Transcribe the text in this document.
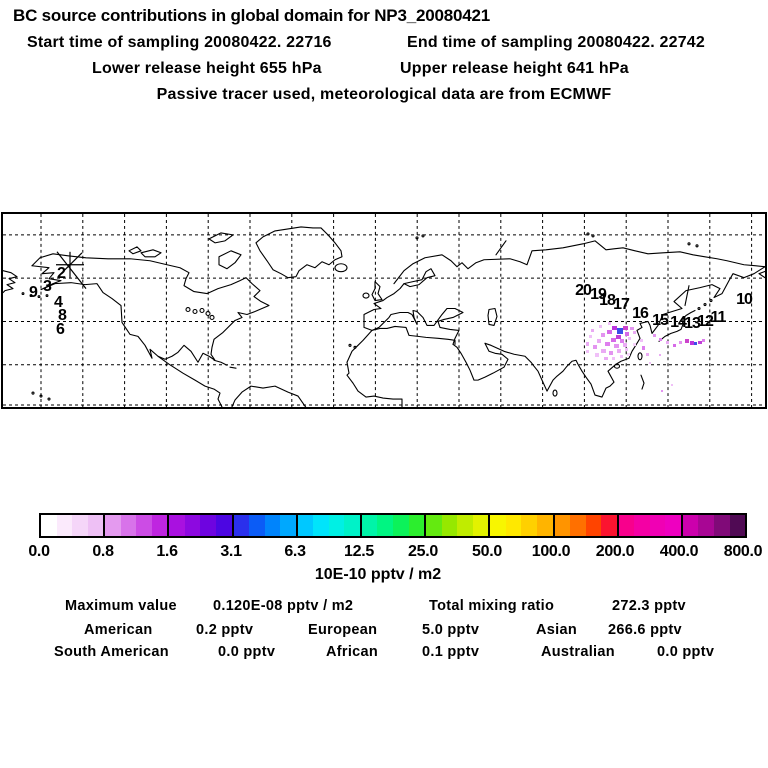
BC source contributions in global domain for NP3_20080421
Start time of sampling 20080422. 22716	End time of sampling 20080422. 22742
Lower release height 655 hPa	Upper release height 641 hPa
Passive tracer used, meteorological data are from ECMWF
2
3
9
4
8
6
20 19
18
17
16 15 14
13
12
11
10
0.0	0.8	1.6	3.1	6.3 12.5 25.0 50.0 100.0 200.0 400.0 800.0
10E-10 pptv / m2
Maximum value 0.120E-08 pptv / m2	Total mixing ratio	272.3 pptv
American	0.2 pptv	European	5.0 pptv	Asian 266.6 pptv
South American	0.0 pptv	African	0.1 pptv	Australian	0.0 pptv
